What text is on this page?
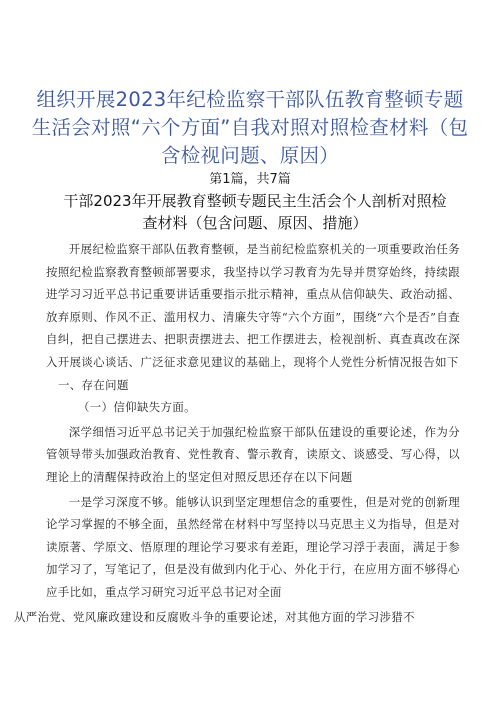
组织开展2023年纪检监察干部队伍教育整顿专题生活会对照“六个方面”自我对照对照检查材料（包含检视问题、原因）
第1篇，共7篇
干部2023年开展教育整顿专题民主生活会个人剖析对照检查材料（包含问题、原因、措施）

开展纪检监察干部队伍教育整顿，是当前纪检监察机关的一项重要政治任务按照纪检监察教育整顿部署要求，我坚持以学习教育为先导并贯穿始终，持续跟进学习习近平总书记重要讲话重要指示批示精神，重点从信仰缺失、政治动摇、放弃原则、作风不正、滥用权力、清廉失守等“六个方面”，围绕“六个是否”自查自纠，把自己摆进去、把职责摆进去、把工作摆进去，检视剖析、真查真改在深入开展谈心谈话、广泛征求意见建议的基础上，现将个人党性分析情况报告如下

一、存在问题

（一）信仰缺失方面。

深学细悟习近平总书记关于加强纪检监察干部队伍建设的重要论述，作为分管领导带头加强政治教育、党性教育、警示教育，读原文、谈感受、写心得，以理论上的清醒保持政治上的坚定但对照反思还存在以下问题

一是学习深度不够。能够认识到坚定理想信念的重要性，但是对党的创新理论学习掌握的不够全面，虽然经常在材料中写坚持以马克思主义为指导，但是对读原著、学原文、悟原理的理论学习要求有差距，理论学习浮于表面，满足于参加学习了，写笔记了，但是没有做到内化于心、外化于行，在应用方面不够得心应手比如，重点学习研究习近平总书记对全面

从严治党、党风廉政建设和反腐败斗争的重要论述，对其他方面的学习涉猎不
